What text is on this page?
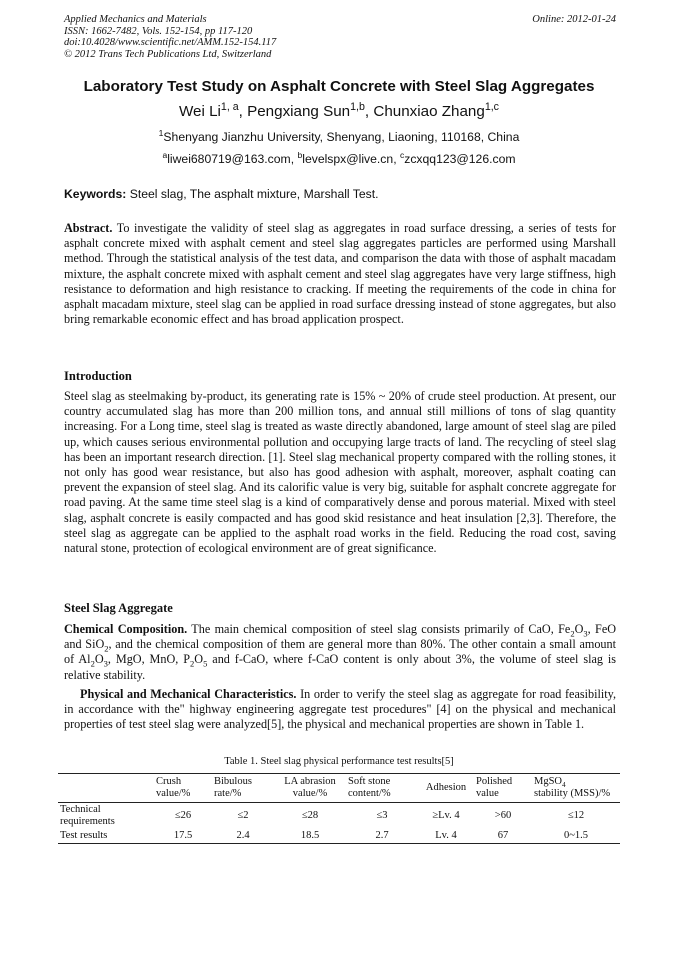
Applied Mechanics and Materials
ISSN: 1662-7482, Vols. 152-154, pp 117-120
doi:10.4028/www.scientific.net/AMM.152-154.117
© 2012 Trans Tech Publications Ltd, Switzerland
Online: 2012-01-24
Laboratory Test Study on Asphalt Concrete with Steel Slag Aggregates
Wei Li$^{1, a}$, Pengxiang Sun$^{1,b}$, Chunxiao Zhang$^{1,c}$
$^1$Shenyang Jianzhu University, Shenyang, Liaoning, 110168, China
$^a$liwei680719@163.com, $^b$levelspx@live.cn, $^c$zcxqq123@126.com
Keywords: Steel slag, The asphalt mixture, Marshall Test.
Abstract. To investigate the validity of steel slag as aggregates in road surface dressing, a series of tests for asphalt concrete mixed with asphalt cement and steel slag aggregates particles are performed using Marshall method. Through the statistical analysis of the test data, and comparison the data with those of asphalt macadam mixture, the asphalt concrete mixed with asphalt cement and steel slag aggregates have very large stiffness, high resistance to deformation and high resistance to cracking. If meeting the requirements of the code in china for asphalt macadam mixture, steel slag can be applied in road surface dressing instead of stone aggregates, but also bring remarkable economic effect and has broad application prospect.
Introduction
Steel slag as steelmaking by-product, its generating rate is 15% ~ 20% of crude steel production. At present, our country accumulated slag has more than 200 million tons, and annual still millions of tons of slag quantity increasing. For a Long time, steel slag is treated as waste directly abandoned, large amount of steel slag are piled up, which causes serious environmental pollution and occupying large tracts of land. The recycling of steel slag has been an important research direction. [1]. Steel slag mechanical property compared with the rolling stones, it not only has good wear resistance, but also has good adhesion with asphalt, moreover, asphalt coating can prevent the expansion of steel slag. And its calorific value is very big, suitable for asphalt concrete aggregate for road paving. At the same time steel slag is a kind of comparatively dense and porous material. Mixed with steel slag, asphalt concrete is easily compacted and has good skid resistance and heat insulation [2,3]. Therefore, the steel slag as aggregate can be applied to the asphalt road works in the field. Reducing the road cost, saving natural stone, protection of ecological environment are of great significance.
Steel Slag Aggregate
Chemical Composition. The main chemical composition of steel slag consists primarily of CaO, $Fe_2O_3$, FeO and SiO$_2$, and the chemical composition of them are general more than 80%. The other contain a small amount of $Al_2O_3$, MgO, MnO, $P_2O_5$ and f-CaO, where f-CaO content is only about 3%, the volume of steel slag is relative stability.
Physical and Mechanical Characteristics. In order to verify the steel slag as aggregate for road feasibility, in accordance with the" highway engineering aggregate test procedures" [4] on the physical and mechanical properties of test steel slag were analyzed[5], the physical and mechanical properties are shown in Table 1.
Table 1. Steel slag physical performance test results[5]
	Crush value/%	Bibulous rate/%	LA abrasion value/%	Soft stone content/%	Adhesion	Polished value	MgSO$_4$
stability (MSS)/%
Technical requirements	≤26	≤2	≤28	≤3	≥Lv. 4	>60	≤12
Test results	17.5	2.4	18.5	2.7	Lv. 4	67	0~1.5
